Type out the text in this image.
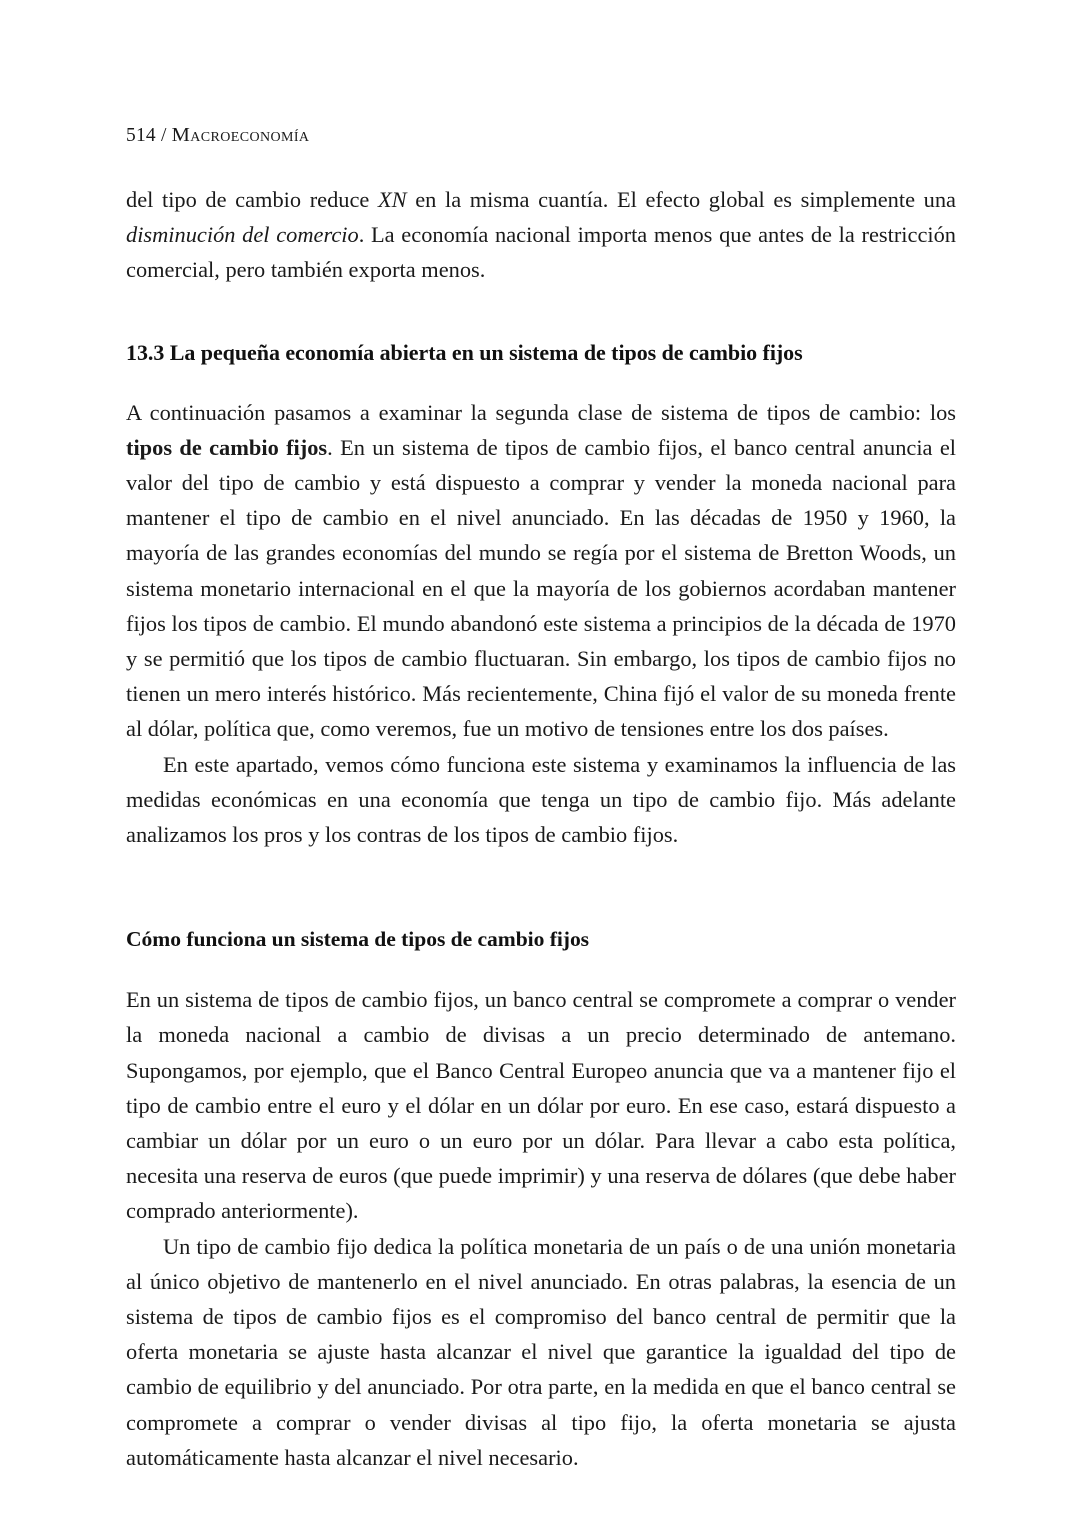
514 / Macroeconomía

del tipo de cambio reduce XN en la misma cuantía. El efecto global es simplemente una disminución del comercio. La economía nacional importa menos que antes de la restricción comercial, pero también exporta menos.

13.3 La pequeña economía abierta en un sistema de tipos de cambio fijos

A continuación pasamos a examinar la segunda clase de sistema de tipos de cambio: los tipos de cambio fijos. En un sistema de tipos de cambio fijos, el banco central anuncia el valor del tipo de cambio y está dispuesto a comprar y vender la moneda nacional para mantener el tipo de cambio en el nivel anunciado. En las décadas de 1950 y 1960, la mayoría de las grandes economías del mundo se regía por el sistema de Bretton Woods, un sistema monetario internacional en el que la mayoría de los gobiernos acordaban mantener fijos los tipos de cambio. El mundo abandonó este sistema a principios de la década de 1970 y se permitió que los tipos de cambio fluctuaran. Sin embargo, los tipos de cambio fijos no tienen un mero interés histórico. Más recientemente, China fijó el valor de su moneda frente al dólar, política que, como veremos, fue un motivo de tensiones entre los dos países.

En este apartado, vemos cómo funciona este sistema y examinamos la influencia de las medidas económicas en una economía que tenga un tipo de cambio fijo. Más adelante analizamos los pros y los contras de los tipos de cambio fijos.

Cómo funciona un sistema de tipos de cambio fijos

En un sistema de tipos de cambio fijos, un banco central se compromete a comprar o vender la moneda nacional a cambio de divisas a un precio determinado de antemano. Supongamos, por ejemplo, que el Banco Central Europeo anuncia que va a mantener fijo el tipo de cambio entre el euro y el dólar en un dólar por euro. En ese caso, estará dispuesto a cambiar un dólar por un euro o un euro por un dólar. Para llevar a cabo esta política, necesita una reserva de euros (que puede imprimir) y una reserva de dólares (que debe haber comprado anteriormente).

Un tipo de cambio fijo dedica la política monetaria de un país o de una unión monetaria al único objetivo de mantenerlo en el nivel anunciado. En otras palabras, la esencia de un sistema de tipos de cambio fijos es el compromiso del banco central de permitir que la oferta monetaria se ajuste hasta alcanzar el nivel que garantice la igualdad del tipo de cambio de equilibrio y del anunciado. Por otra parte, en la medida en que el banco central se compromete a comprar o vender divisas al tipo fijo, la oferta monetaria se ajusta automáticamente hasta alcanzar el nivel necesario.
